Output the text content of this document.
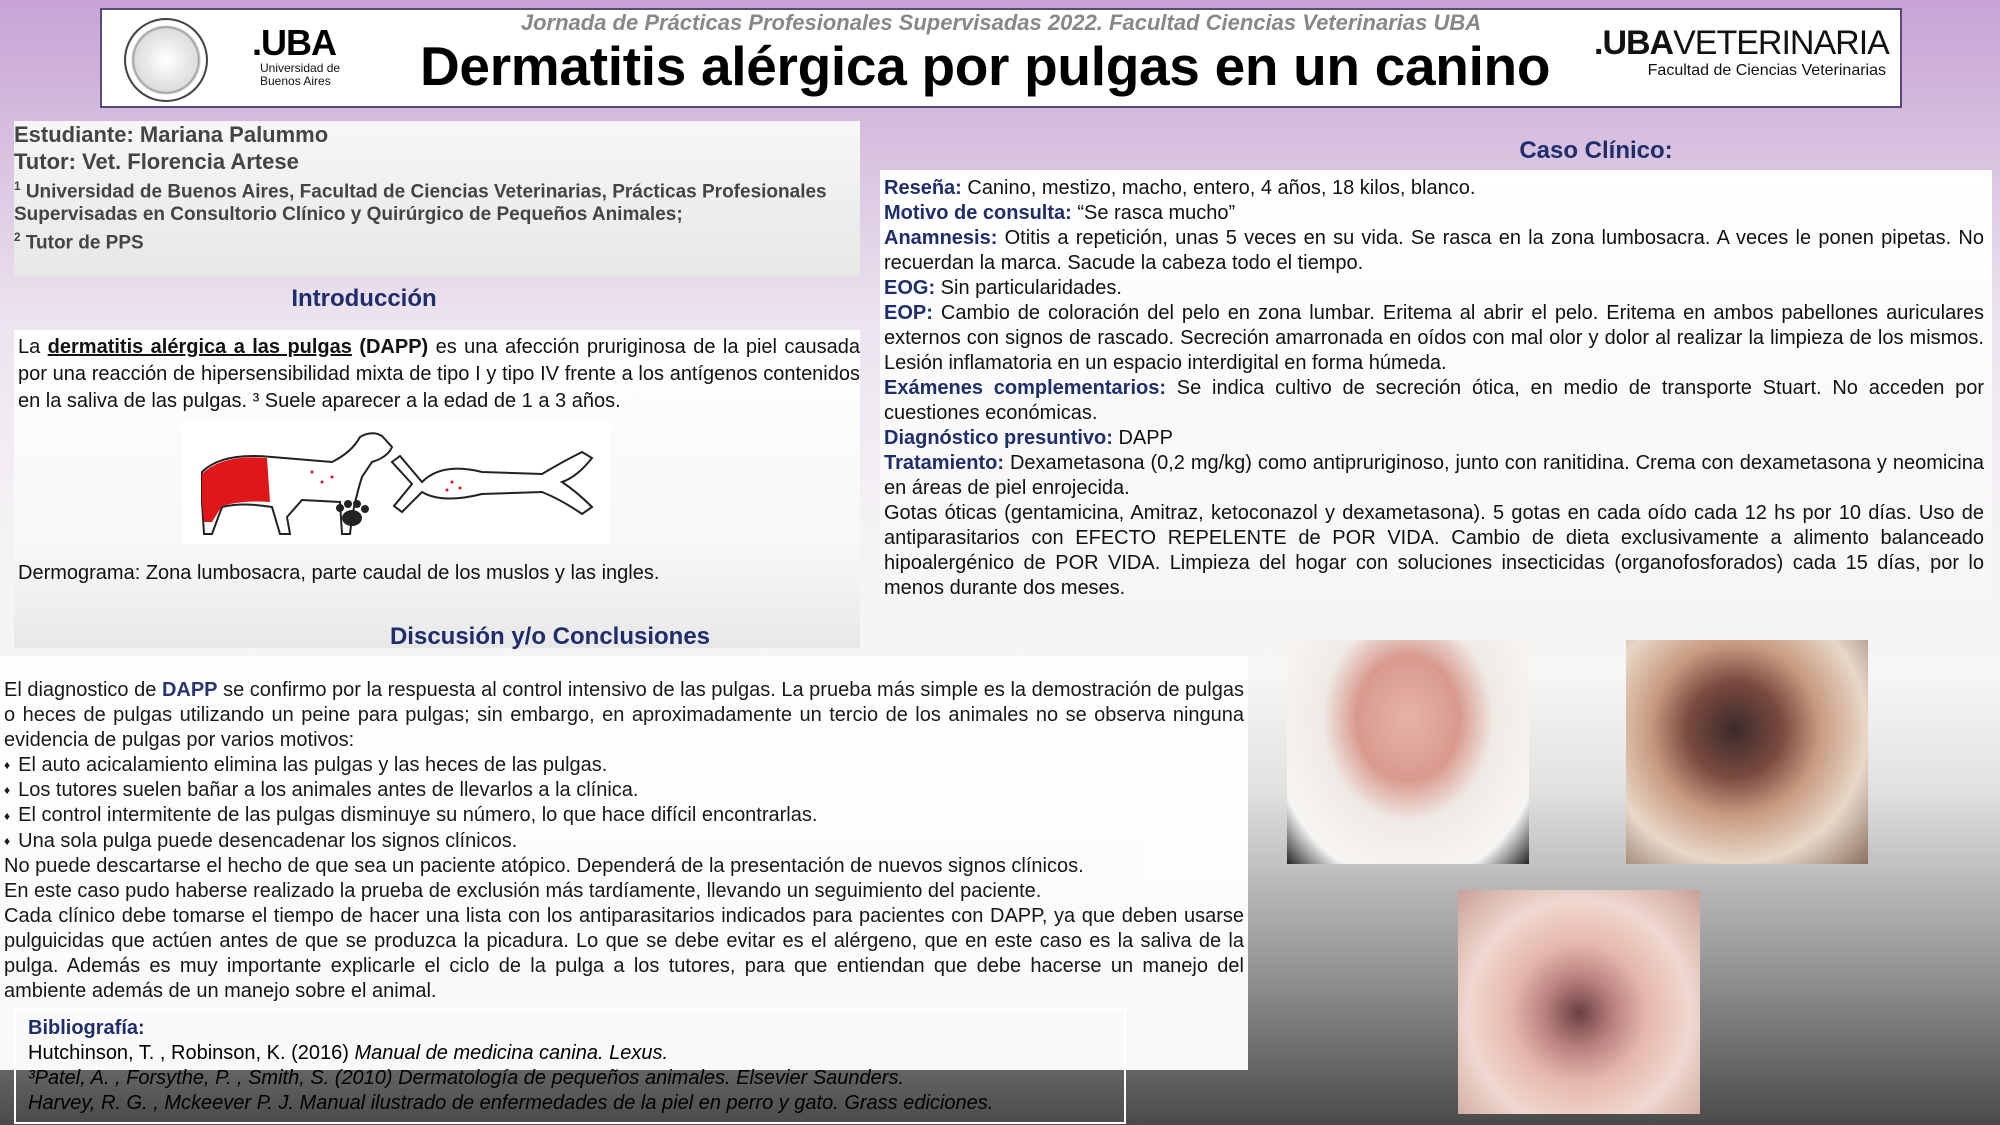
Jornada de Prácticas Profesionales Supervisadas 2022. Facultad Ciencias Veterinarias UBA
.UBA
Universidad de
Buenos Aires	Dermatitis alérgica por pulgas en un canino .UBAVETERINARIA
Facultad de Ciencias Veterinarias
Estudiante: Mariana Palummo
Tutor: Vet. Florencia Artese
$^1$ Universidad de Buenos Aires, Facultad de Ciencias Veterinarias, Prácticas Profesionales Supervisadas en Consultorio Clínico y Quirúrgico de Pequeños Animales;
$^2$ Tutor de PPS
Introducción
La dermatitis alérgica a las pulgas (DAPP) es una afección pruriginosa de la piel causada por una reacción de hipersensibilidad mixta de tipo I y tipo IV frente a los antígenos contenidos en la saliva de las pulgas. ³ Suele aparecer a la edad de 1 a 3 años.
Dermograma: Zona lumbosacra, parte caudal de los muslos y las ingles.
Discusión y/o Conclusiones
El diagnostico de DAPP se confirmo por la respuesta al control intensivo de las pulgas. La prueba más simple es la demostración de pulgas o heces de pulgas utilizando un peine para pulgas; sin embargo, en aproximadamente un tercio de los animales no se observa ninguna evidencia de pulgas por varios motivos:
♦ El auto acicalamiento elimina las pulgas y las heces de las pulgas.
♦ Los tutores suelen bañar a los animales antes de llevarlos a la clínica.
♦ El control intermitente de las pulgas disminuye su número, lo que hace difícil encontrarlas.
♦ Una sola pulga puede desencadenar los signos clínicos.
No puede descartarse el hecho de que sea un paciente atópico. Dependerá de la presentación de nuevos signos clínicos.
En este caso pudo haberse realizado la prueba de exclusión más tardíamente, llevando un seguimiento del paciente.
Cada clínico debe tomarse el tiempo de hacer una lista con los antiparasitarios indicados para pacientes con DAPP, ya que deben usarse pulguicidas que actúen antes de que se produzca la picadura. Lo que se debe evitar es el alérgeno, que en este caso es la saliva de la pulga. Además es muy importante explicarle el ciclo de la pulga a los tutores, para que entiendan que debe hacerse un manejo del ambiente además de un manejo sobre el animal.
Bibliografía:
Hutchinson, T. , Robinson, K. (2016) Manual de medicina canina. Lexus.
³Patel, A. , Forsythe, P. , Smith, S. (2010) Dermatología de pequeños animales. Elsevier Saunders.
Harvey, R. G. , Mckeever P. J. Manual ilustrado de enfermedades de la piel en perro y gato. Grass ediciones.
Caso Clínico:
Reseña: Canino, mestizo, macho, entero, 4 años, 18 kilos, blanco.
Motivo de consulta: “Se rasca mucho”
Anamnesis: Otitis a repetición, unas 5 veces en su vida. Se rasca en la zona lumbosacra. A veces le ponen pipetas. No recuerdan la marca. Sacude la cabeza todo el tiempo.
EOG: Sin particularidades.
EOP: Cambio de coloración del pelo en zona lumbar. Eritema al abrir el pelo. Eritema en ambos pabellones auriculares externos con signos de rascado. Secreción amarronada en oídos con mal olor y dolor al realizar la limpieza de los mismos. Lesión inflamatoria en un espacio interdigital en forma húmeda.
Exámenes complementarios: Se indica cultivo de secreción ótica, en medio de transporte Stuart. No acceden por cuestiones económicas.
Diagnóstico presuntivo: DAPP
Tratamiento: Dexametasona (0,2 mg/kg) como antipruriginoso, junto con ranitidina. Crema con dexametasona y neomicina en áreas de piel enrojecida.
Gotas óticas (gentamicina, Amitraz, ketoconazol y dexametasona). 5 gotas en cada oído cada 12 hs por 10 días. Uso de antiparasitarios con EFECTO REPELENTE de POR VIDA. Cambio de dieta exclusivamente a alimento balanceado hipoalergénico de POR VIDA. Limpieza del hogar con soluciones insecticidas (organofosforados) cada 15 días, por lo menos durante dos meses.
